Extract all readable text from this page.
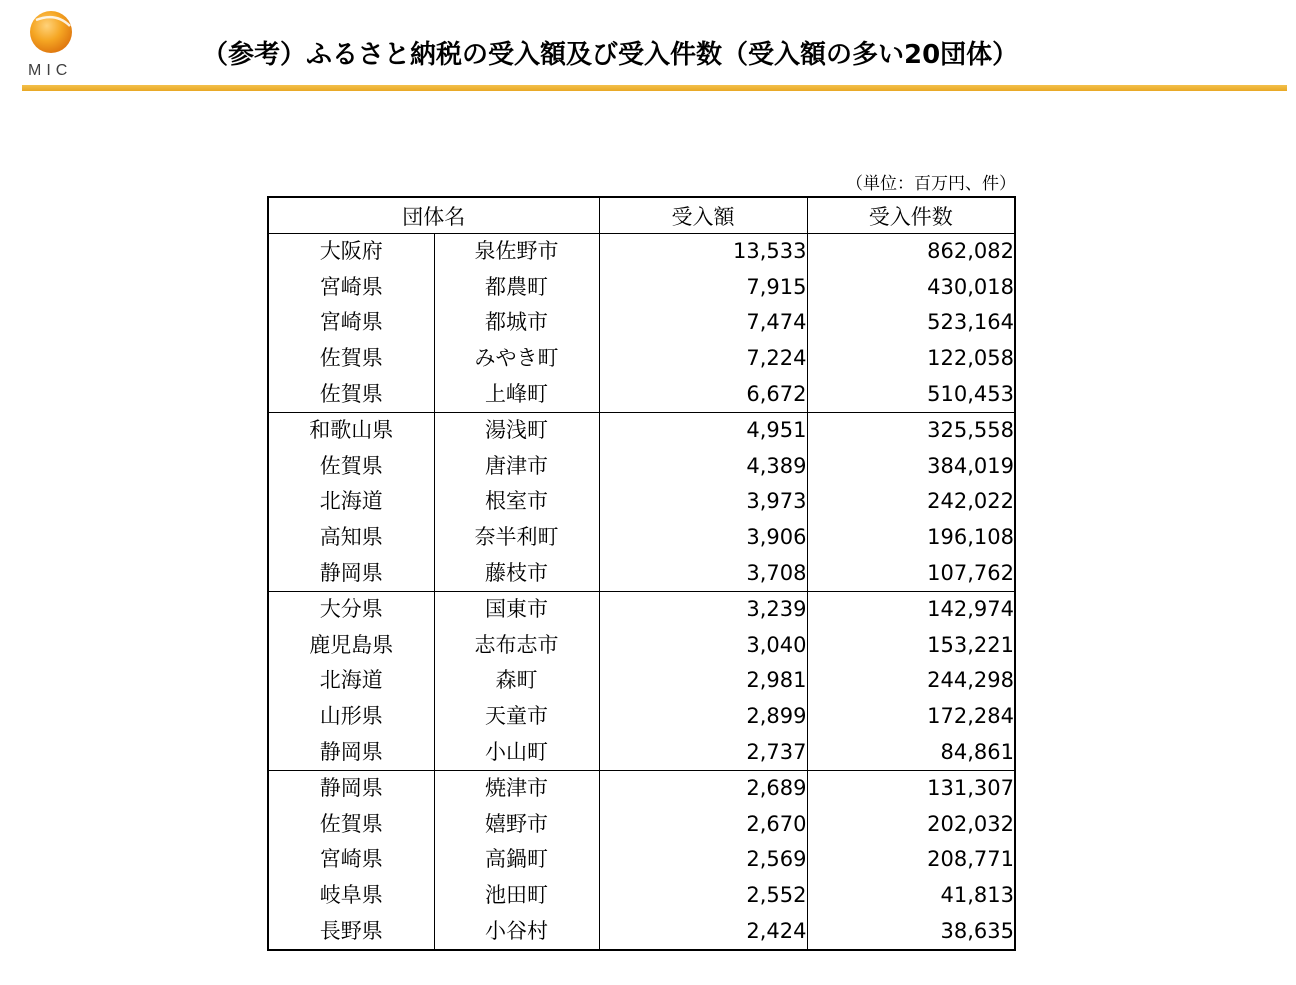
MIC
（参考）ふるさと納税の受入額及び受入件数（受入額の多い20団体）
（単位：百万円、件）
団体名		受入額	受入件数
大阪府	泉佐野市	13,533	862,082
宮崎県	都農町	7,915	430,018
宮崎県	都城市	7,474	523,164
佐賀県	みやき町	7,224	122,058
佐賀県	上峰町	6,672	510,453
和歌山県	湯浅町	4,951	325,558
佐賀県	唐津市	4,389	384,019
北海道	根室市	3,973	242,022
高知県	奈半利町	3,906	196,108
静岡県	藤枝市	3,708	107,762
大分県	国東市	3,239	142,974
鹿児島県	志布志市	3,040	153,221
北海道	森町	2,981	244,298
山形県	天童市	2,899	172,284
静岡県	小山町	2,737	84,861
静岡県	焼津市	2,689	131,307
佐賀県	嬉野市	2,670	202,032
宮崎県	高鍋町	2,569	208,771
岐阜県	池田町	2,552	41,813
長野県	小谷村	2,424	38,635
